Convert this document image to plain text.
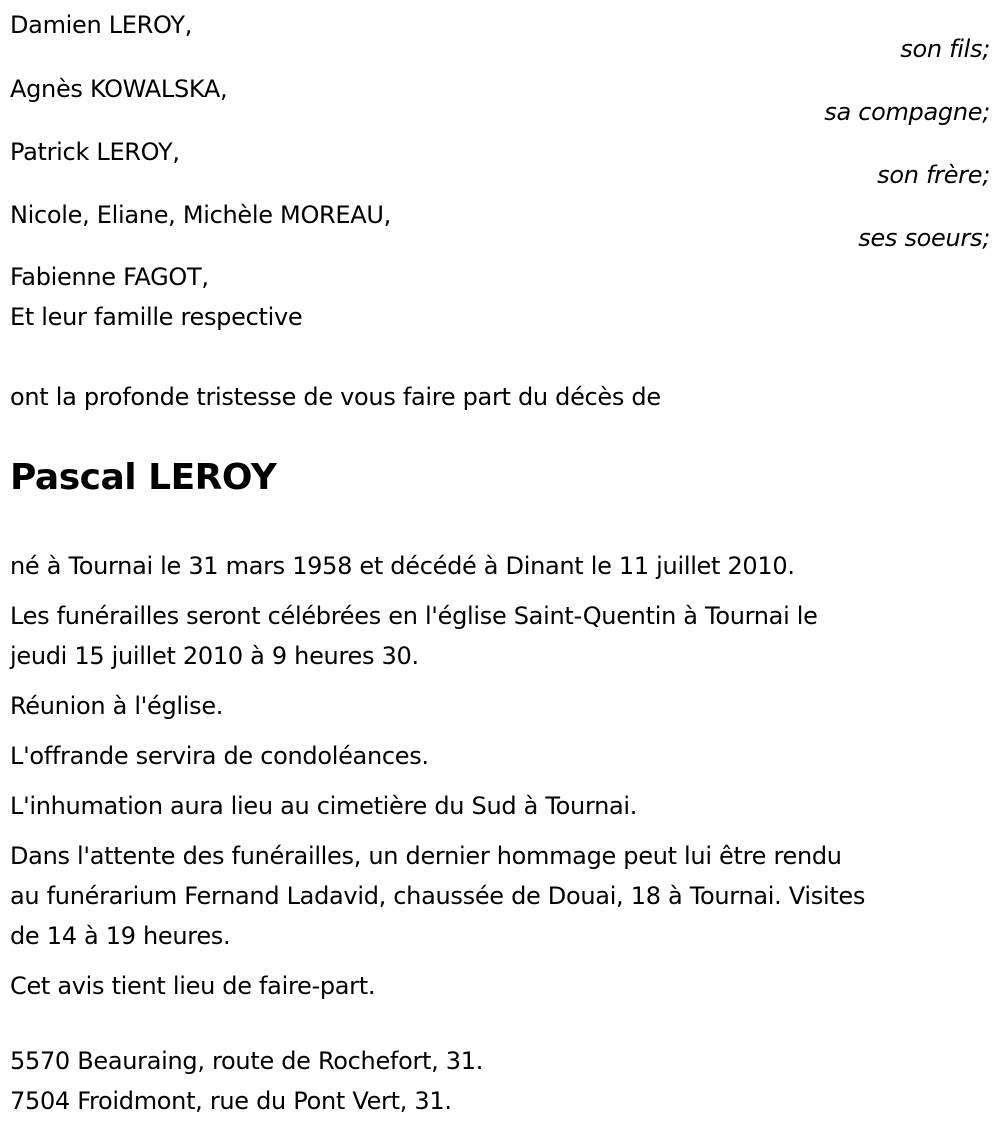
Damien LEROY,
son fils;
Agnès KOWALSKA,
sa compagne;
Patrick LEROY,
son frère;
Nicole, Eliane, Michèle MOREAU,
ses soeurs;
Fabienne FAGOT,
Et leur famille respective
ont la profonde tristesse de vous faire part du décès de
Pascal LEROY
né à Tournai le 31 mars 1958 et décédé à Dinant le 11 juillet 2010.
Les funérailles seront célébrées en l'église Saint-Quentin à Tournai le
jeudi 15 juillet 2010 à 9 heures 30.
Réunion à l'église.
L'offrande servira de condoléances.
L'inhumation aura lieu au cimetière du Sud à Tournai.
Dans l'attente des funérailles, un dernier hommage peut lui être rendu
au funérarium Fernand Ladavid, chaussée de Douai, 18 à Tournai. Visites
de 14 à 19 heures.
Cet avis tient lieu de faire-part.
5570 Beauraing, route de Rochefort, 31.
7504 Froidmont, rue du Pont Vert, 31.
